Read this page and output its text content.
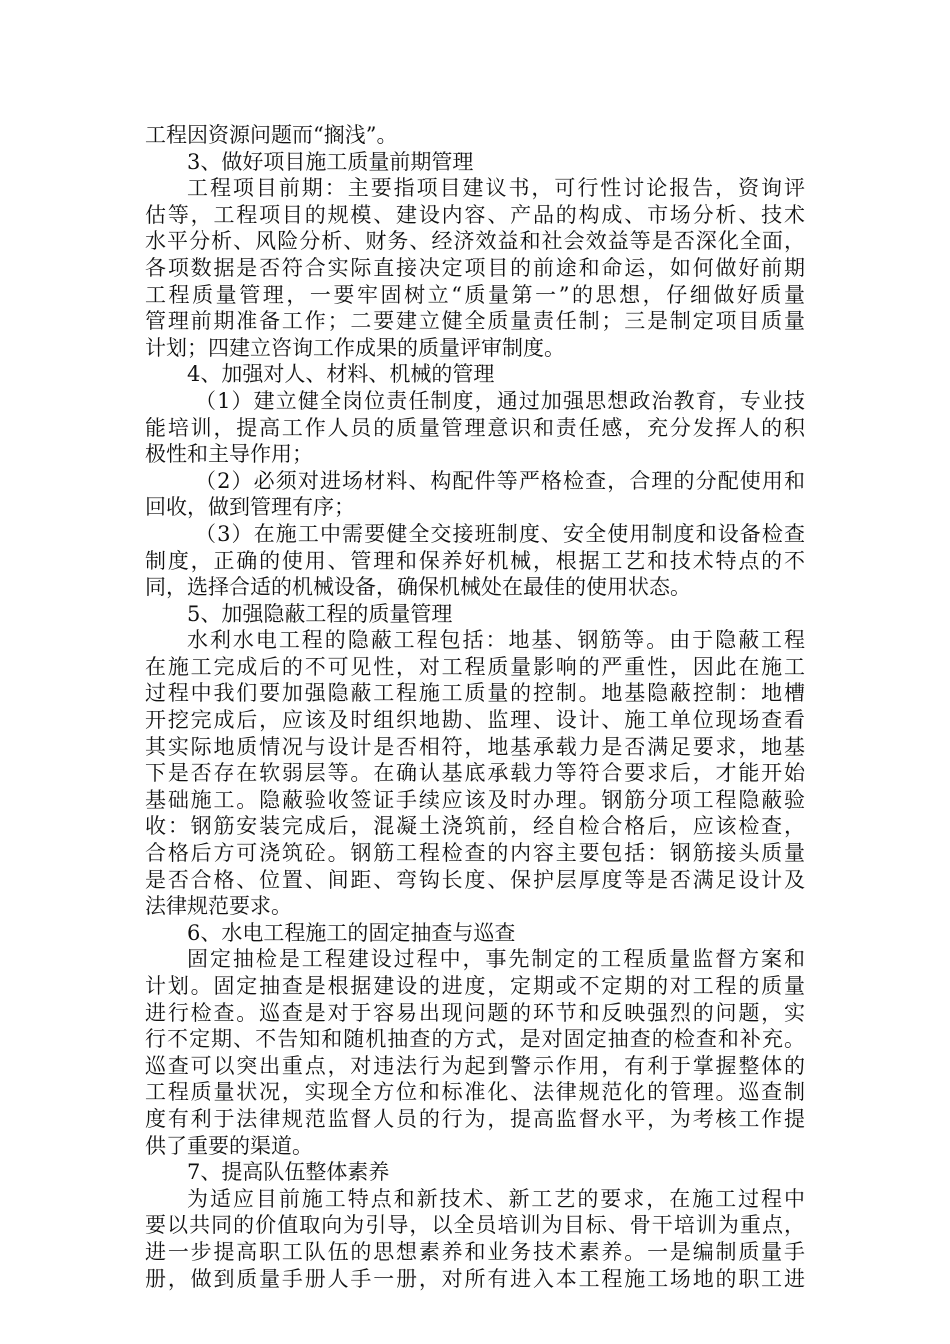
工程因资源问题而“搁浅”。
3、做好项目施工质量前期管理
工程项目前期：主要指项目建议书，可行性讨论报告，资询评
估等，工程项目的规模、建设内容、产品的构成、市场分析、技术
水平分析、风险分析、财务、经济效益和社会效益等是否深化全面，
各项数据是否符合实际直接决定项目的前途和命运，如何做好前期
工程质量管理，一要牢固树立“质量第一”的思想，仔细做好质量
管理前期准备工作；二要建立健全质量责任制；三是制定项目质量
计划；四建立咨询工作成果的质量评审制度。
4、加强对人、材料、机械的管理
（1）建立健全岗位责任制度，通过加强思想政治教育，专业技
能培训，提高工作人员的质量管理意识和责任感，充分发挥人的积
极性和主导作用；
（2）必须对进场材料、构配件等严格检查，合理的分配使用和
回收，做到管理有序；
（3）在施工中需要健全交接班制度、安全使用制度和设备检查
制度，正确的使用、管理和保养好机械，根据工艺和技术特点的不
同，选择合适的机械设备，确保机械处在最佳的使用状态。
5、加强隐蔽工程的质量管理
水利水电工程的隐蔽工程包括：地基、钢筋等。由于隐蔽工程
在施工完成后的不可见性，对工程质量影响的严重性，因此在施工
过程中我们要加强隐蔽工程施工质量的控制。地基隐蔽控制：地槽
开挖完成后，应该及时组织地勘、监理、设计、施工单位现场查看
其实际地质情况与设计是否相符，地基承载力是否满足要求，地基
下是否存在软弱层等。在确认基底承载力等符合要求后，才能开始
基础施工。隐蔽验收签证手续应该及时办理。钢筋分项工程隐蔽验
收：钢筋安装完成后，混凝土浇筑前，经自检合格后，应该检查，
合格后方可浇筑砼。钢筋工程检查的内容主要包括：钢筋接头质量
是否合格、位置、间距、弯钩长度、保护层厚度等是否满足设计及
法律规范要求。
6、水电工程施工的固定抽查与巡查
固定抽检是工程建设过程中，事先制定的工程质量监督方案和
计划。固定抽查是根据建设的进度，定期或不定期的对工程的质量
进行检查。巡查是对于容易出现问题的环节和反映强烈的问题，实
行不定期、不告知和随机抽查的方式，是对固定抽查的检查和补充。
巡查可以突出重点，对违法行为起到警示作用，有利于掌握整体的
工程质量状况，实现全方位和标准化、法律规范化的管理。巡查制
度有利于法律规范监督人员的行为，提高监督水平，为考核工作提
供了重要的渠道。
7、提高队伍整体素养
为适应目前施工特点和新技术、新工艺的要求，在施工过程中
要以共同的价值取向为引导，以全员培训为目标、骨干培训为重点，
进一步提高职工队伍的思想素养和业务技术素养。一是编制质量手
册，做到质量手册人手一册，对所有进入本工程施工场地的职工进
